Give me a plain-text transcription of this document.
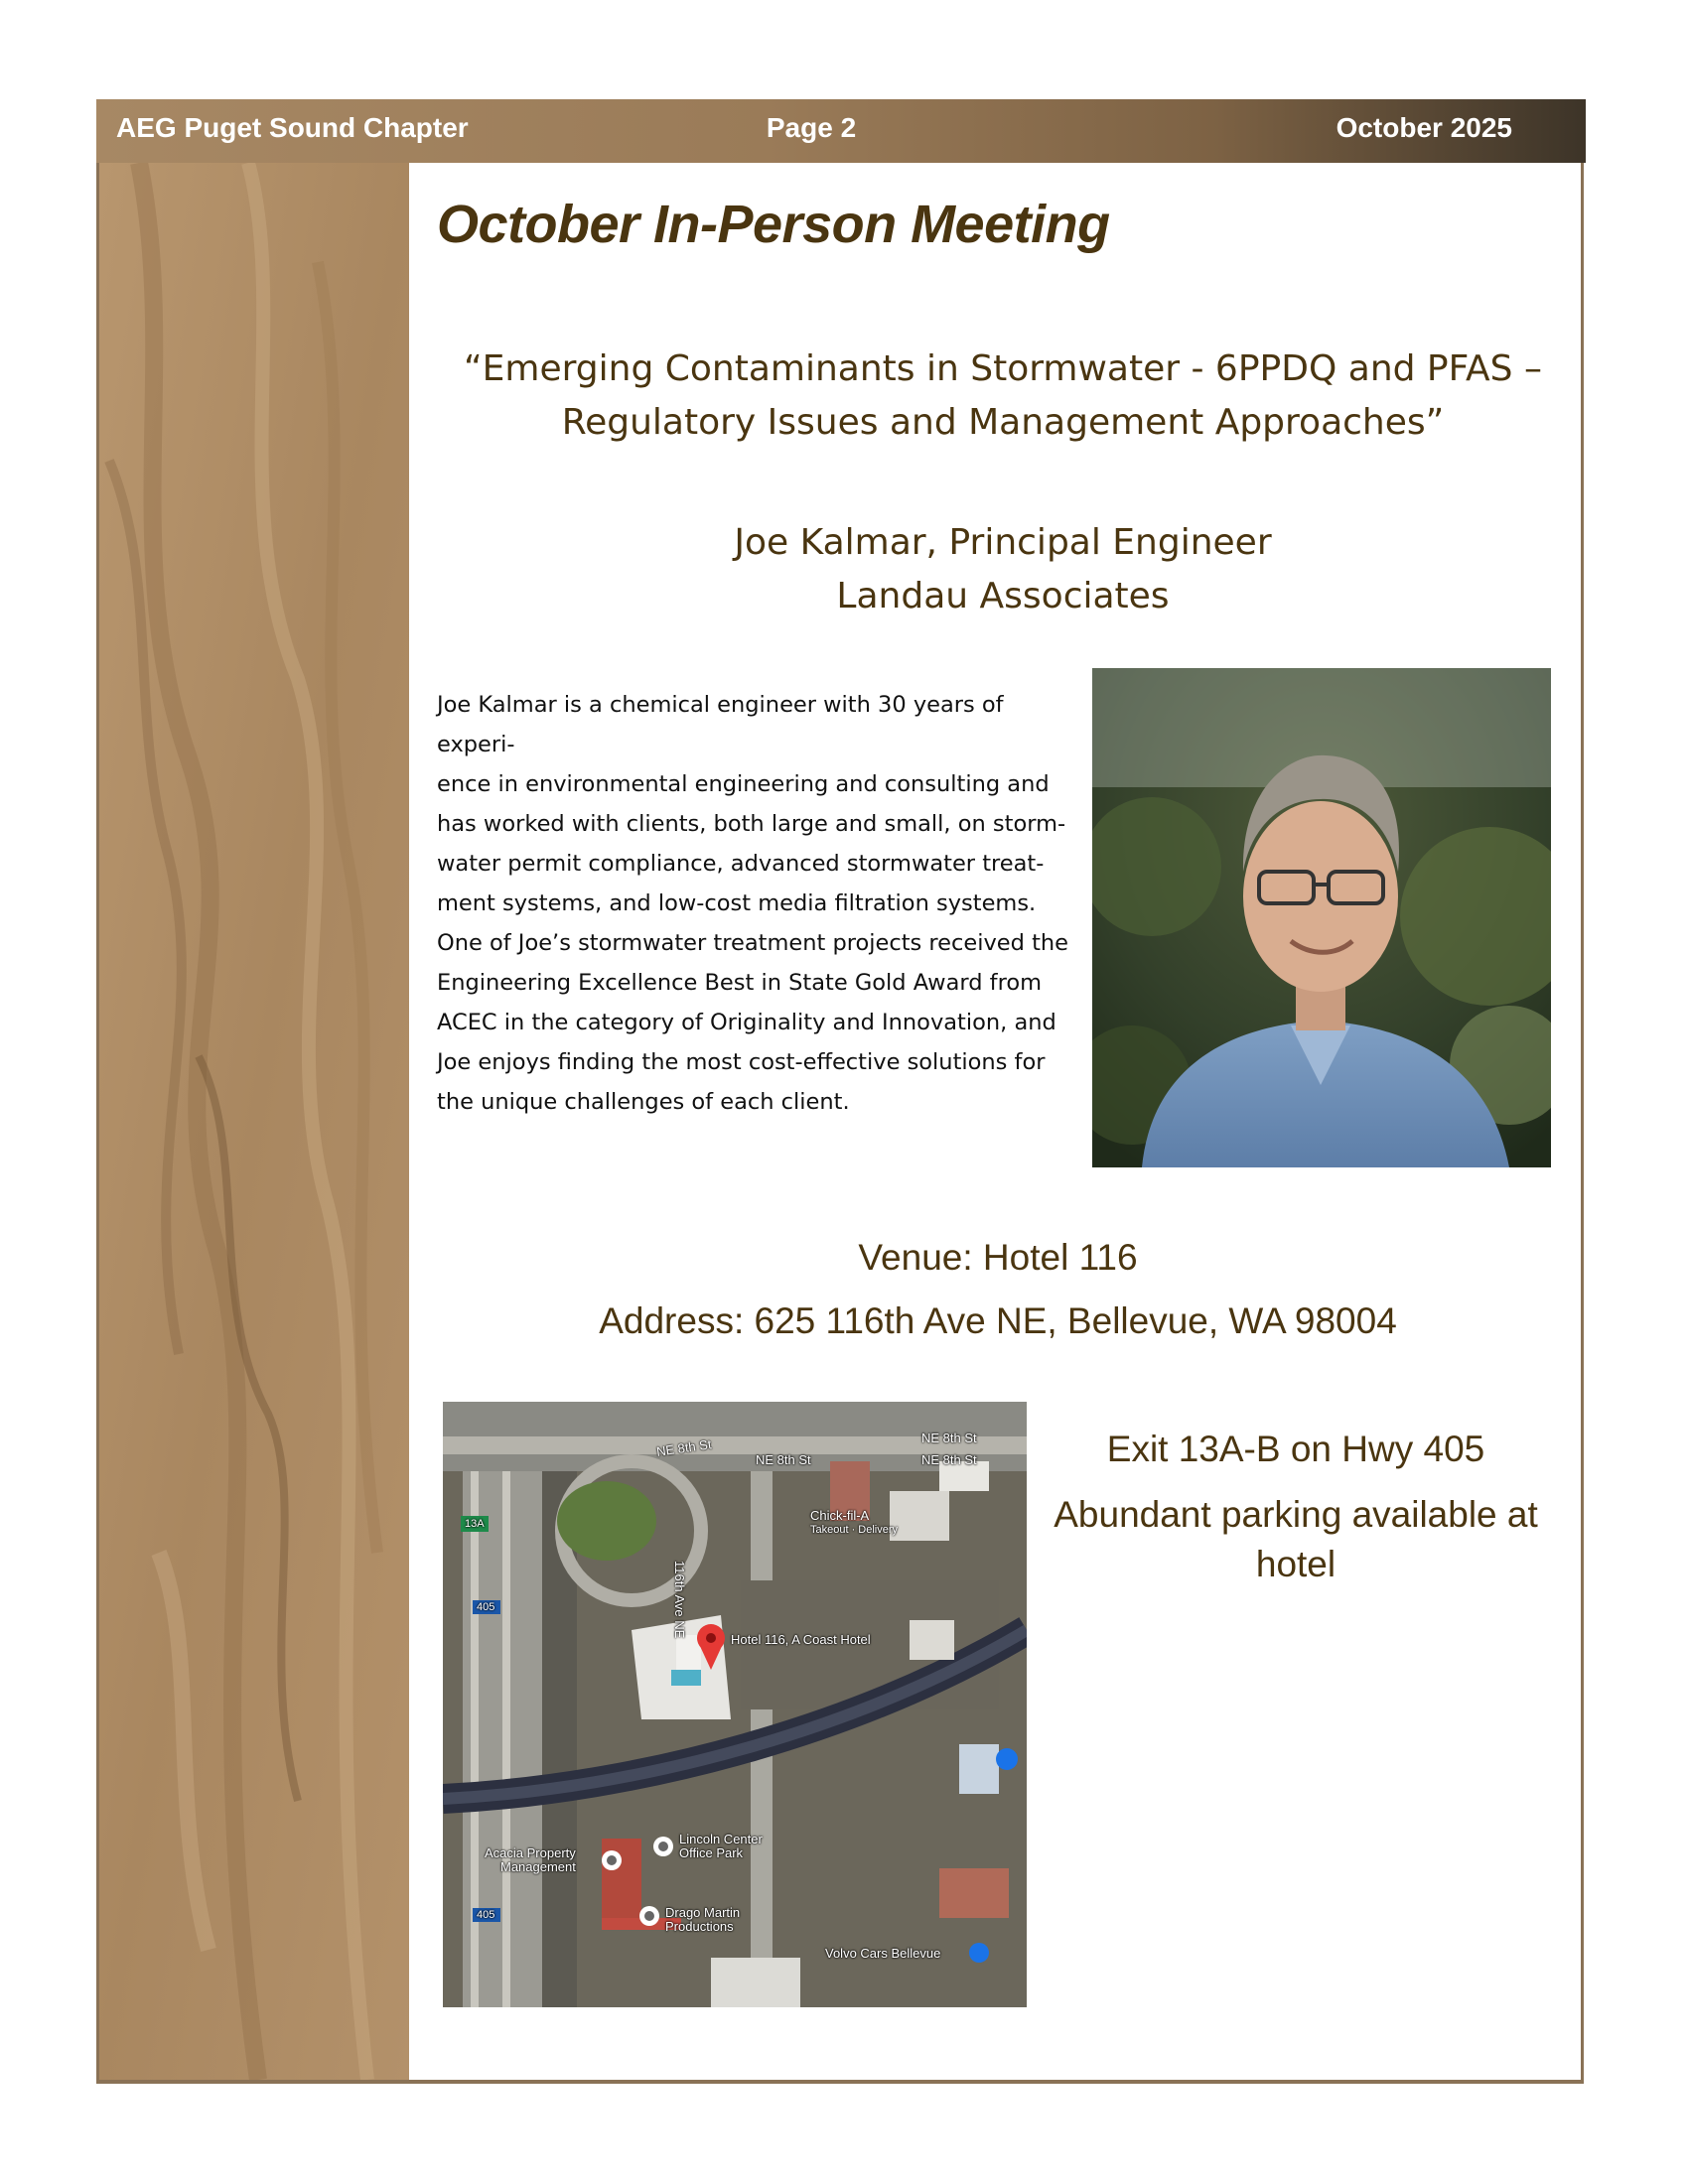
AEG Puget Sound Chapter	Page 2	October 2025
October In-Person Meeting
“Emerging Contaminants in Stormwater - 6PPDQ and PFAS –
Regulatory Issues and Management Approaches”
Joe Kalmar, Principal Engineer
Landau Associates
Joe Kalmar is a chemical engineer with 30 years of experi-
ence in environmental engineering and consulting and
has worked with clients, both large and small, on storm-
water permit compliance, advanced stormwater treat-
ment systems, and low-cost media filtration systems.
One of Joe’s stormwater treatment projects received the
Engineering Excellence Best in State Gold Award from
ACEC in the category of Originality and Innovation, and
Joe enjoys finding the most cost-effective solutions for
the unique challenges of each client.
Venue: Hotel 116
Address: 625 116th Ave NE, Bellevue, WA 98004
NE 8th St
NE 8th St
NE 8th St
NE 8th St
Chick-fil-A
Takeout · Delivery
116th Ave NE
Hotel 116, A Coast Hotel
Acacia Property
Management
Lincoln Center
Office Park
Drago Martin
Productions
Volvo Cars Bellevue
13A
405
405
Exit 13A-B on Hwy 405
Abundant parking available at
hotel
